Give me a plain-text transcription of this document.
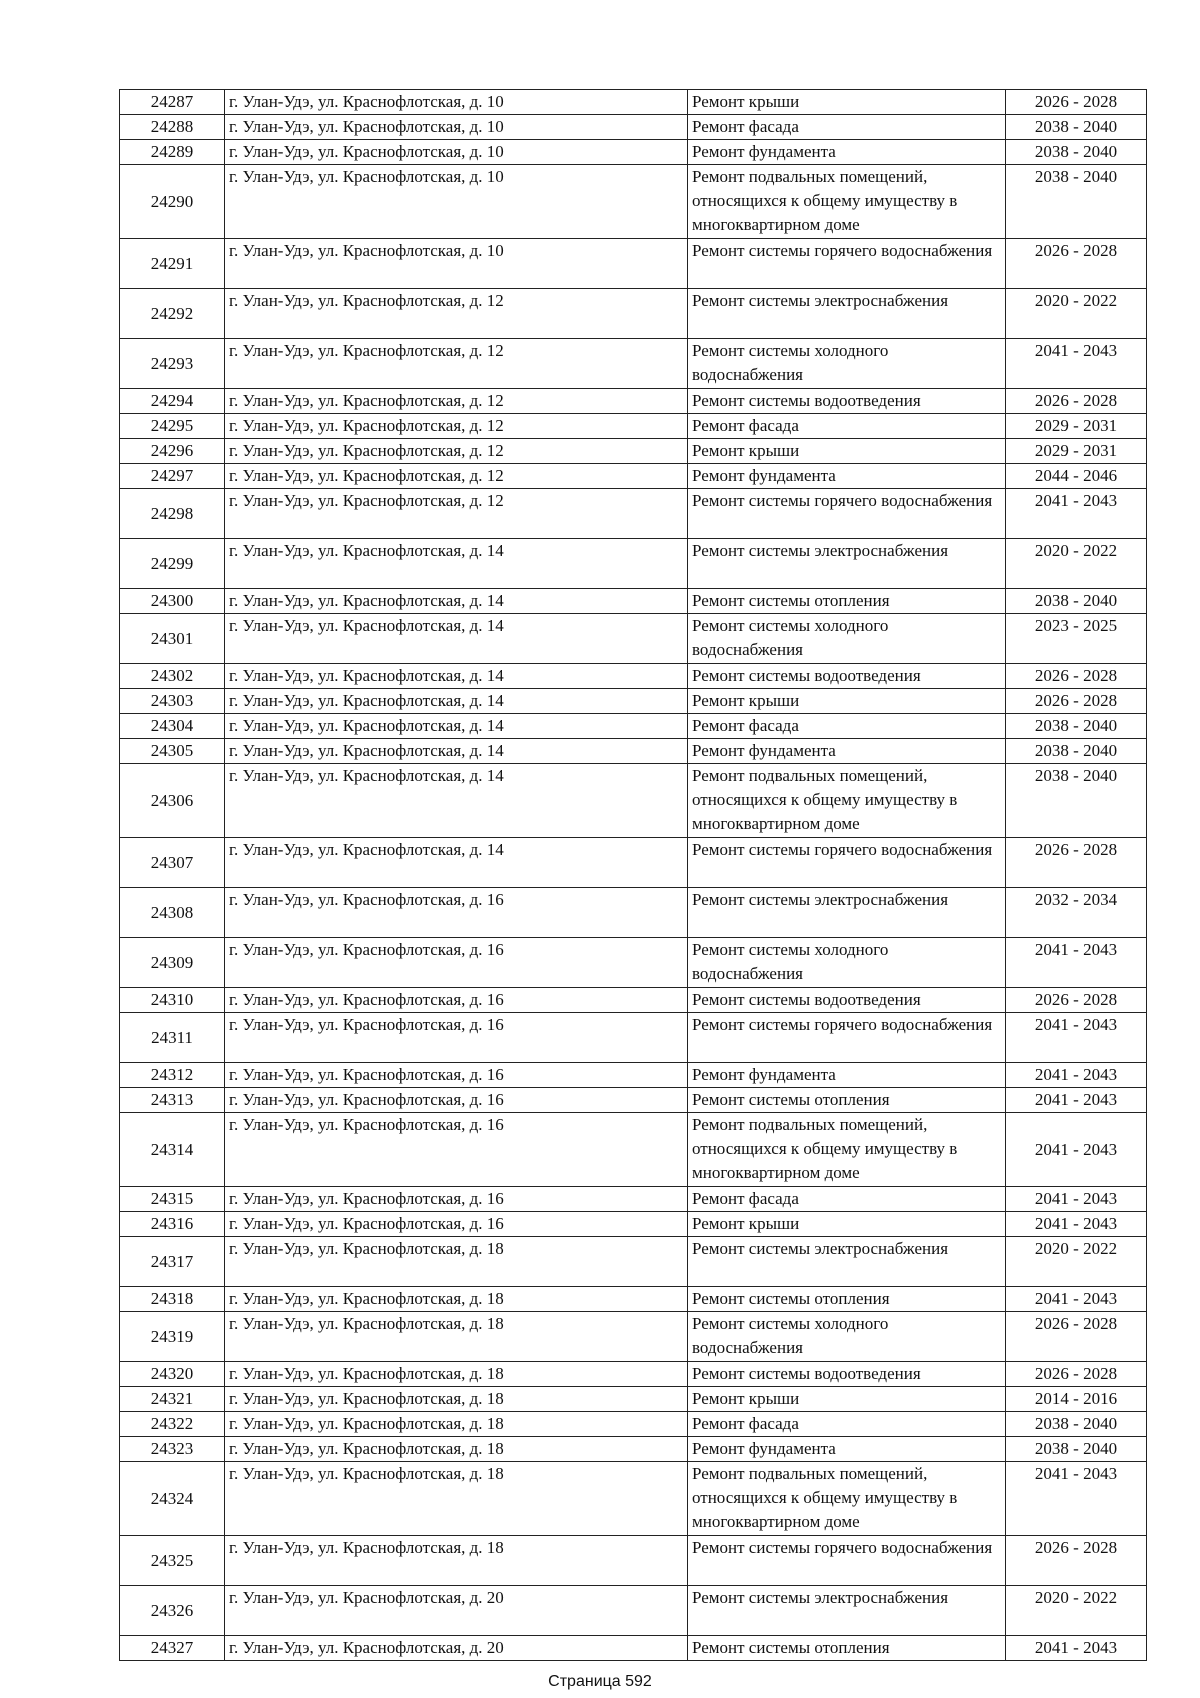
24287	г. Улан-Удэ, ул. Краснофлотская, д. 10	Ремонт крыши	2026 - 2028
24288	г. Улан-Удэ, ул. Краснофлотская, д. 10	Ремонт фасада	2038 - 2040
24289	г. Улан-Удэ, ул. Краснофлотская, д. 10	Ремонт фундамента	2038 - 2040
24290	г. Улан-Удэ, ул. Краснофлотская, д. 10	Ремонт подвальных помещений, относящихся к общему имуществу в многоквартирном доме	2038 - 2040
24291	г. Улан-Удэ, ул. Краснофлотская, д. 10	Ремонт системы горячего водоснабжения	2026 - 2028
24292	г. Улан-Удэ, ул. Краснофлотская, д. 12	Ремонт системы электроснабжения	2020 - 2022
24293	г. Улан-Удэ, ул. Краснофлотская, д. 12	Ремонт системы холодного водоснабжения	2041 - 2043
24294	г. Улан-Удэ, ул. Краснофлотская, д. 12	Ремонт системы водоотведения	2026 - 2028
24295	г. Улан-Удэ, ул. Краснофлотская, д. 12	Ремонт фасада	2029 - 2031
24296	г. Улан-Удэ, ул. Краснофлотская, д. 12	Ремонт крыши	2029 - 2031
24297	г. Улан-Удэ, ул. Краснофлотская, д. 12	Ремонт фундамента	2044 - 2046
24298	г. Улан-Удэ, ул. Краснофлотская, д. 12	Ремонт системы горячего водоснабжения	2041 - 2043
24299	г. Улан-Удэ, ул. Краснофлотская, д. 14	Ремонт системы электроснабжения	2020 - 2022
24300	г. Улан-Удэ, ул. Краснофлотская, д. 14	Ремонт системы отопления	2038 - 2040
24301	г. Улан-Удэ, ул. Краснофлотская, д. 14	Ремонт системы холодного водоснабжения	2023 - 2025
24302	г. Улан-Удэ, ул. Краснофлотская, д. 14	Ремонт системы водоотведения	2026 - 2028
24303	г. Улан-Удэ, ул. Краснофлотская, д. 14	Ремонт крыши	2026 - 2028
24304	г. Улан-Удэ, ул. Краснофлотская, д. 14	Ремонт фасада	2038 - 2040
24305	г. Улан-Удэ, ул. Краснофлотская, д. 14	Ремонт фундамента	2038 - 2040
24306	г. Улан-Удэ, ул. Краснофлотская, д. 14	Ремонт подвальных помещений, относящихся к общему имуществу в многоквартирном доме	2038 - 2040
24307	г. Улан-Удэ, ул. Краснофлотская, д. 14	Ремонт системы горячего водоснабжения	2026 - 2028
24308	г. Улан-Удэ, ул. Краснофлотская, д. 16	Ремонт системы электроснабжения	2032 - 2034
24309	г. Улан-Удэ, ул. Краснофлотская, д. 16	Ремонт системы холодного водоснабжения	2041 - 2043
24310	г. Улан-Удэ, ул. Краснофлотская, д. 16	Ремонт системы водоотведения	2026 - 2028
24311	г. Улан-Удэ, ул. Краснофлотская, д. 16	Ремонт системы горячего водоснабжения	2041 - 2043
24312	г. Улан-Удэ, ул. Краснофлотская, д. 16	Ремонт фундамента	2041 - 2043
24313	г. Улан-Удэ, ул. Краснофлотская, д. 16	Ремонт системы отопления	2041 - 2043
24314	г. Улан-Удэ, ул. Краснофлотская, д. 16	Ремонт подвальных помещений, относящихся к общему имуществу в многоквартирном доме	2041 - 2043
24315	г. Улан-Удэ, ул. Краснофлотская, д. 16	Ремонт фасада	2041 - 2043
24316	г. Улан-Удэ, ул. Краснофлотская, д. 16	Ремонт крыши	2041 - 2043
24317	г. Улан-Удэ, ул. Краснофлотская, д. 18	Ремонт системы электроснабжения	2020 - 2022
24318	г. Улан-Удэ, ул. Краснофлотская, д. 18	Ремонт системы отопления	2041 - 2043
24319	г. Улан-Удэ, ул. Краснофлотская, д. 18	Ремонт системы холодного водоснабжения	2026 - 2028
24320	г. Улан-Удэ, ул. Краснофлотская, д. 18	Ремонт системы водоотведения	2026 - 2028
24321	г. Улан-Удэ, ул. Краснофлотская, д. 18	Ремонт крыши	2014 - 2016
24322	г. Улан-Удэ, ул. Краснофлотская, д. 18	Ремонт фасада	2038 - 2040
24323	г. Улан-Удэ, ул. Краснофлотская, д. 18	Ремонт фундамента	2038 - 2040
24324	г. Улан-Удэ, ул. Краснофлотская, д. 18	Ремонт подвальных помещений, относящихся к общему имуществу в многоквартирном доме	2041 - 2043
24325	г. Улан-Удэ, ул. Краснофлотская, д. 18	Ремонт системы горячего водоснабжения	2026 - 2028
24326	г. Улан-Удэ, ул. Краснофлотская, д. 20	Ремонт системы электроснабжения	2020 - 2022
24327	г. Улан-Удэ, ул. Краснофлотская, д. 20	Ремонт системы отопления	2041 - 2043
Страница 592
